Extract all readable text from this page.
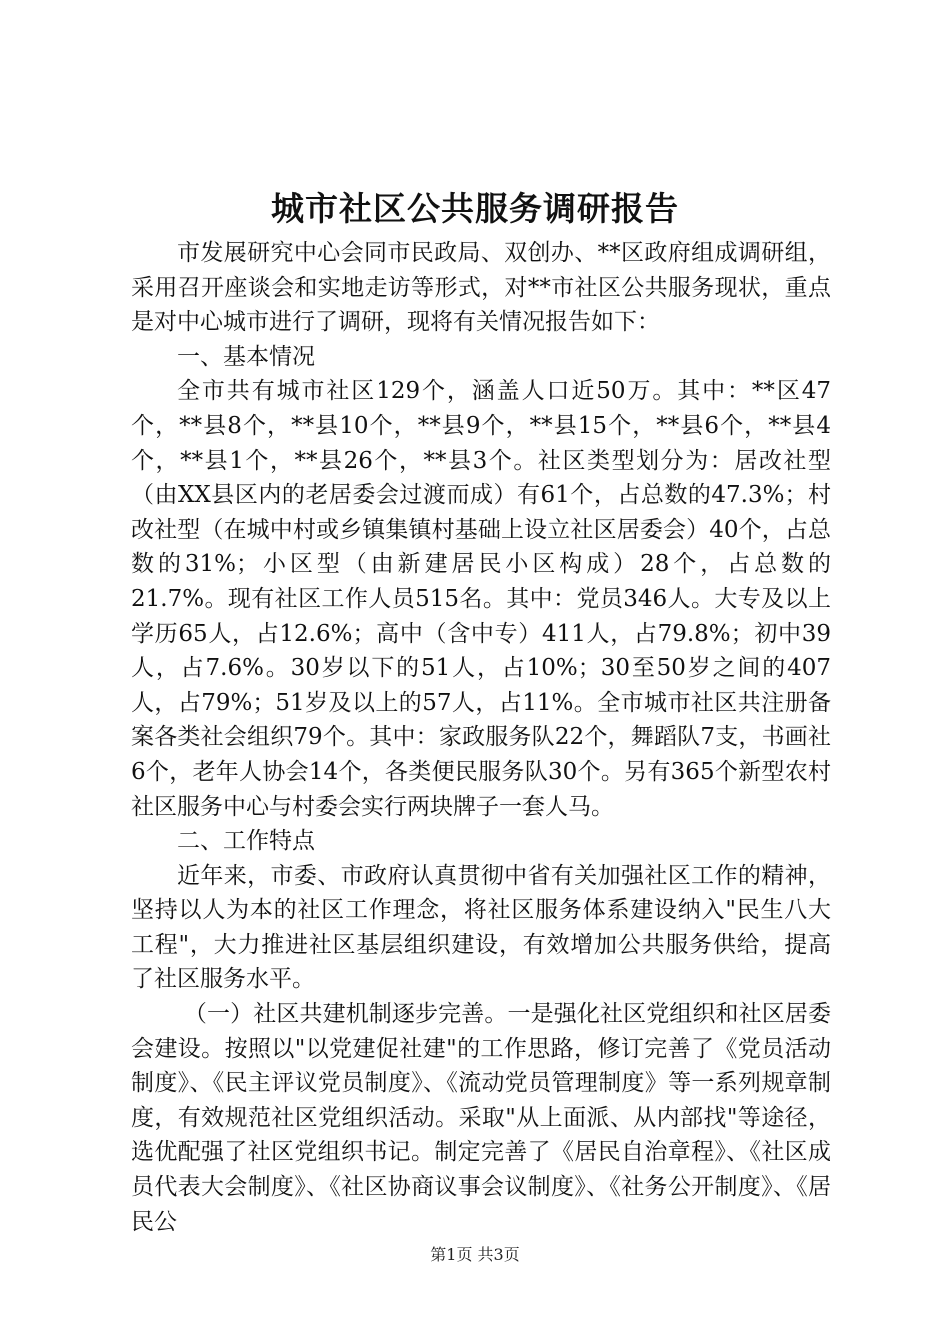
城市社区公共服务调研报告

市发展研究中心会同市民政局、双创办、**区政府组成调研组，采用召开座谈会和实地走访等形式，对**市社区公共服务现状，重点是对中心城市进行了调研，现将有关情况报告如下：

一、基本情况

全市共有城市社区129个，涵盖人口近50万。其中：**区47个，**县8个，**县10个，**县9个，**县15个，**县6个，**县4个，**县1个，**县26个，**县3个。社区类型划分为：居改社型（由XX县区内的老居委会过渡而成）有61个，占总数的47.3%；村改社型（在城中村或乡镇集镇村基础上设立社区居委会）40个，占总数的31%；小区型（由新建居民小区构成）28个，占总数的21.7%。现有社区工作人员515名。其中：党员346人。大专及以上学历65人，占12.6%；高中（含中专）411人，占79.8%；初中39人，占7.6%。30岁以下的51人，占10%；30至50岁之间的407人，占79%；51岁及以上的57人，占11%。全市城市社区共注册备案各类社会组织79个。其中：家政服务队22个，舞蹈队7支，书画社6个，老年人协会14个，各类便民服务队30个。另有365个新型农村社区服务中心与村委会实行两块牌子一套人马。

二、工作特点

近年来，市委、市政府认真贯彻中省有关加强社区工作的精神，坚持以人为本的社区工作理念，将社区服务体系建设纳入"民生八大工程"，大力推进社区基层组织建设，有效增加公共服务供给，提高了社区服务水平。

（一）社区共建机制逐步完善。一是强化社区党组织和社区居委会建设。按照以"以党建促社建"的工作思路，修订完善了《党员活动制度》、《民主评议党员制度》、《流动党员管理制度》等一系列规章制度，有效规范社区党组织活动。采取"从上面派、从内部找"等途径，选优配强了社区党组织书记。制定完善了《居民自治章程》、《社区成员代表大会制度》、《社区协商议事会议制度》、《社务公开制度》、《居民公

第1页 共3页
